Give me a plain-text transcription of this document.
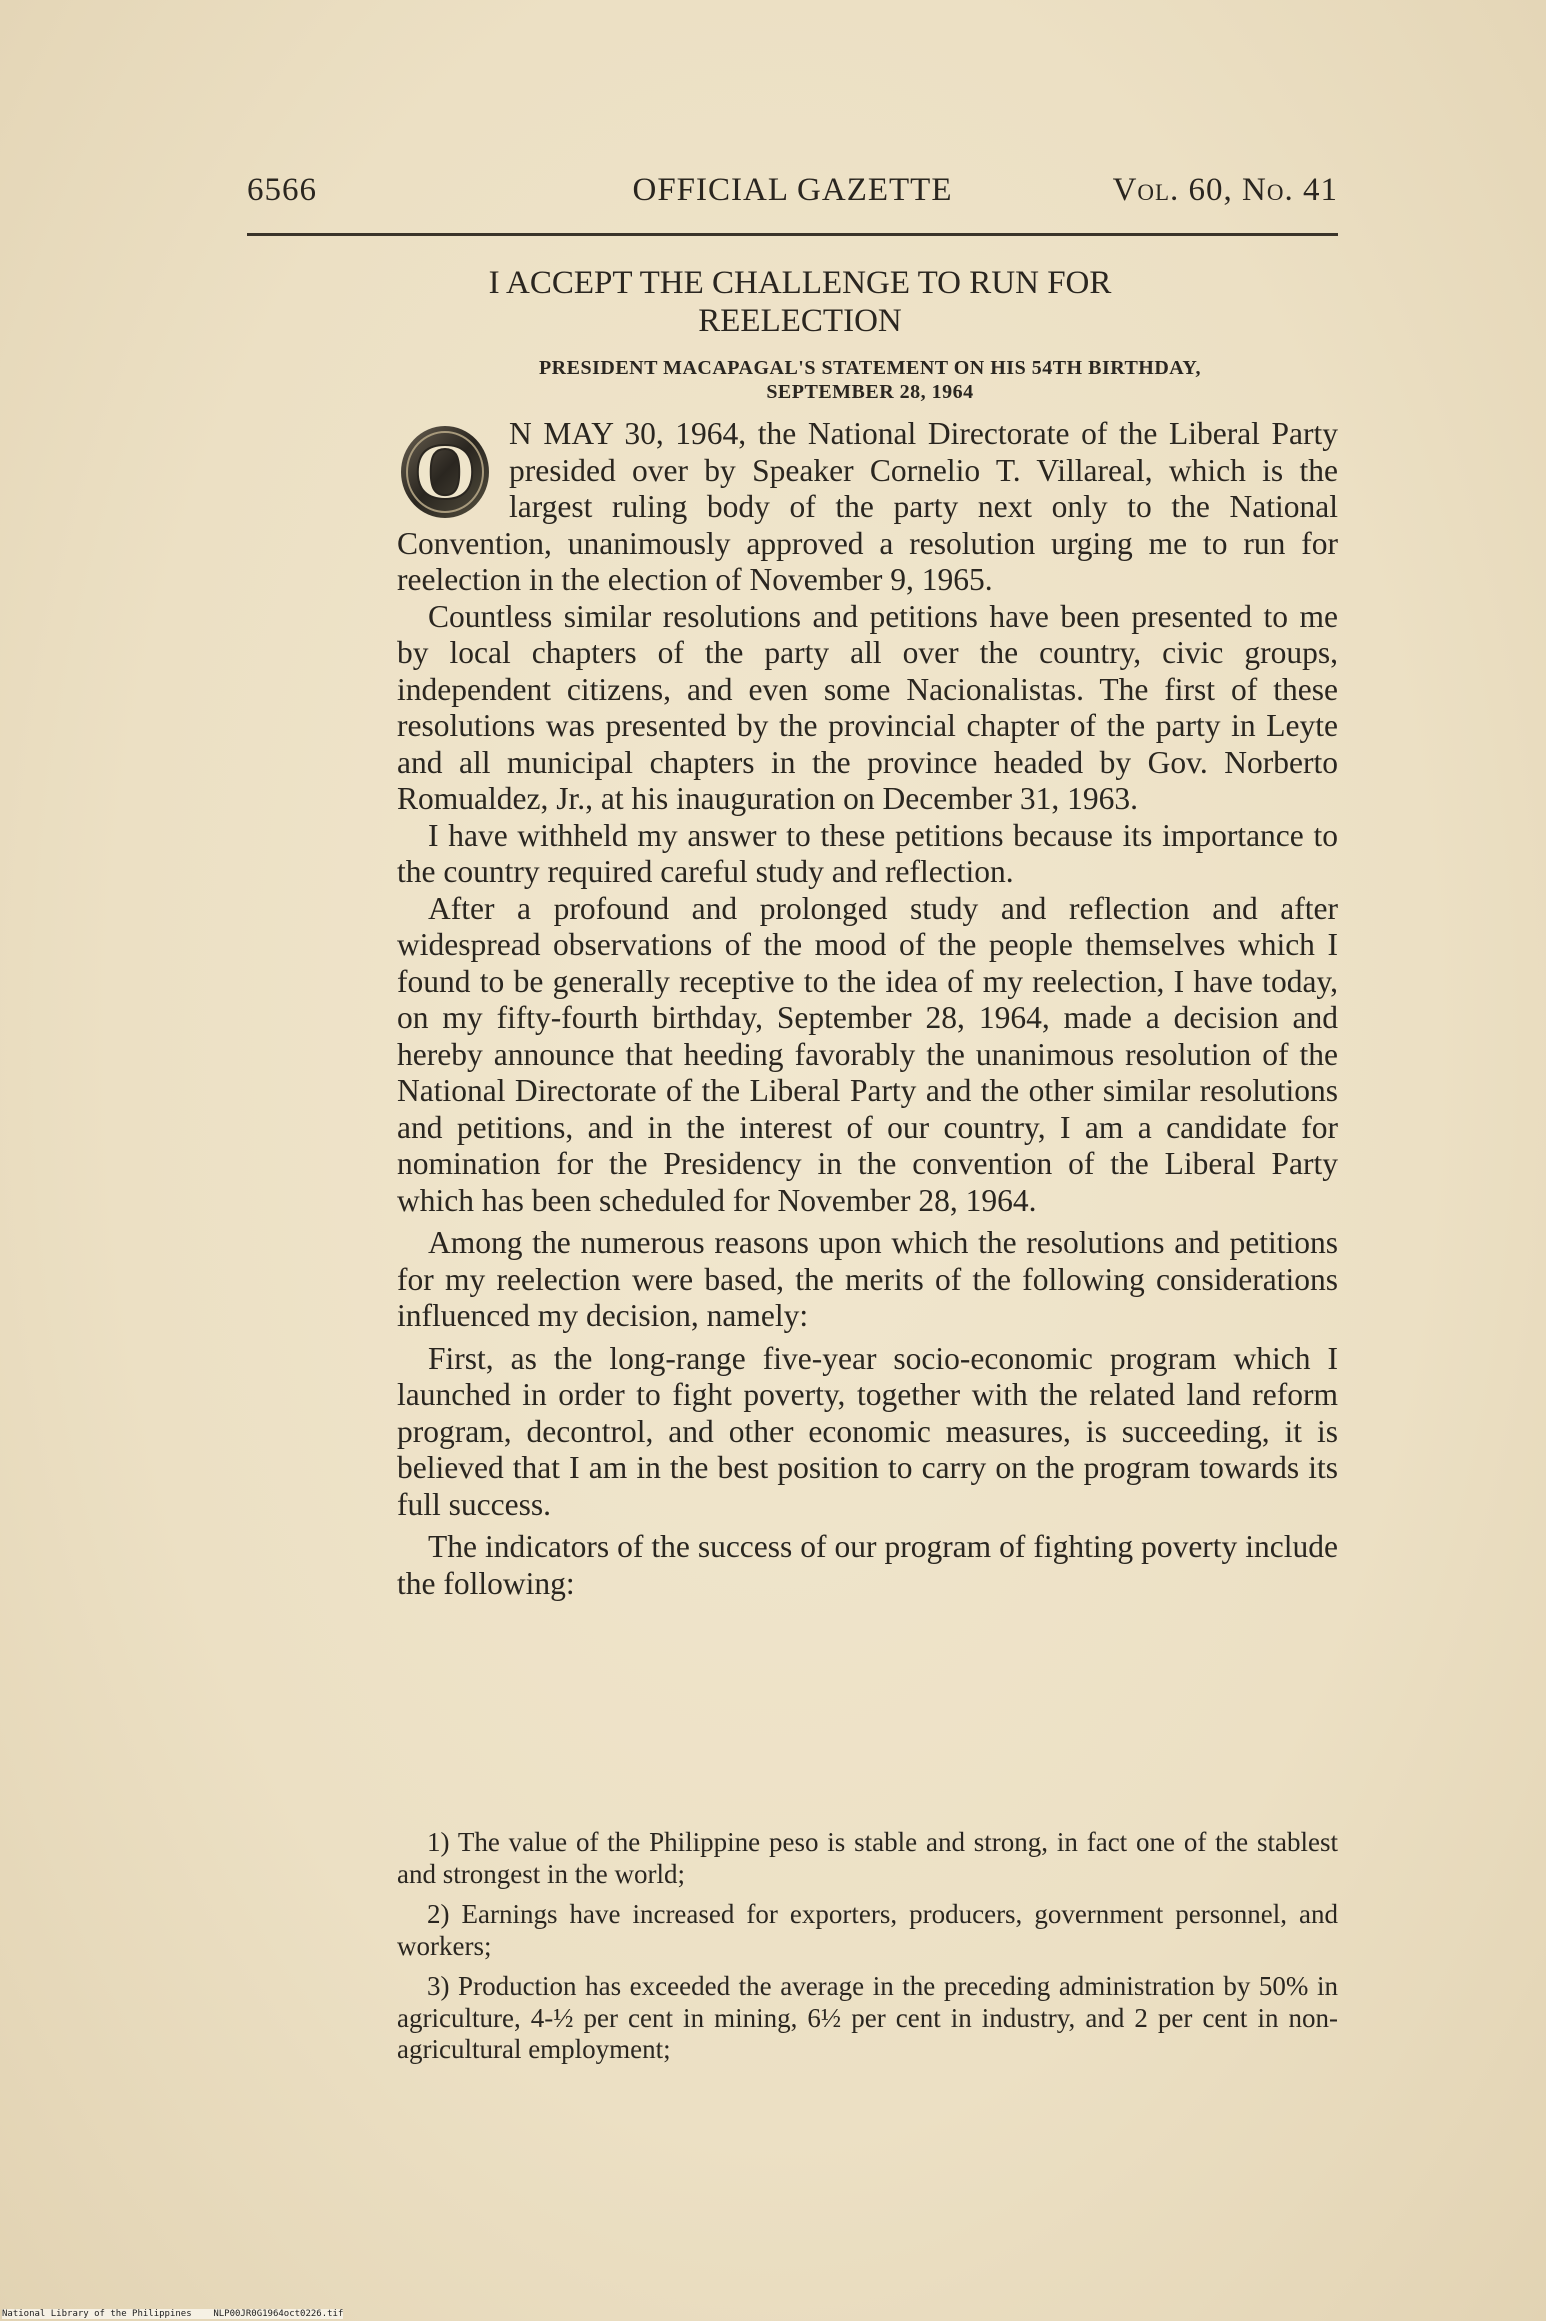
6566	OFFICIAL GAZETTE	Vol. 60, No. 41
I ACCEPT THE CHALLENGE TO RUN FOR
REELECTION
PRESIDENT MACAPAGAL'S STATEMENT ON HIS 54TH BIRTHDAY,
SEPTEMBER 28, 1964

O N MAY 30, 1964, the National Directorate of the Liberal Party presided over by Speaker Cornelio T. Villareal, which is the largest ruling body of the party next only to the National Convention, unanimously approved a resolution urging me to run for reelection in the election of November 9, 1965.

Countless similar resolutions and petitions have been presented to me by local chapters of the party all over the country, civic groups, independent citizens, and even some Nacionalistas. The first of these resolutions was presented by the provincial chapter of the party in Leyte and all municipal chapters in the province headed by Gov. Norberto Romualdez, Jr., at his inauguration on December 31, 1963.

I have withheld my answer to these petitions because its importance to the country required careful study and reflection.

After a profound and prolonged study and reflection and after widespread observations of the mood of the people themselves which I found to be generally receptive to the idea of my reelection, I have today, on my fifty-fourth birthday, September 28, 1964, made a decision and hereby announce that heeding favorably the unanimous resolution of the National Directorate of the Liberal Party and the other similar resolutions and petitions, and in the interest of our country, I am a candidate for nomination for the Presidency in the convention of the Liberal Party which has been scheduled for November 28, 1964.

Among the numerous reasons upon which the resolutions and petitions for my reelection were based, the merits of the following considerations influenced my decision, namely:

First, as the long-range five-year socio-economic program which I launched in order to fight poverty, together with the related land reform program, decontrol, and other economic measures, is succeeding, it is believed that I am in the best position to carry on the program towards its full success.

The indicators of the success of our program of fighting poverty include the following:

1) The value of the Philippine peso is stable and strong, in fact one of the stablest and strongest in the world;

2) Earnings have increased for exporters, producers, government personnel, and workers;

3) Production has exceeded the average in the preceding administration by 50% in agriculture, 4-½ per cent in mining, 6½ per cent in industry, and 2 per cent in non-agricultural employment;

National Library of the Philippines NLP00JR0G1964oct0226.tif
